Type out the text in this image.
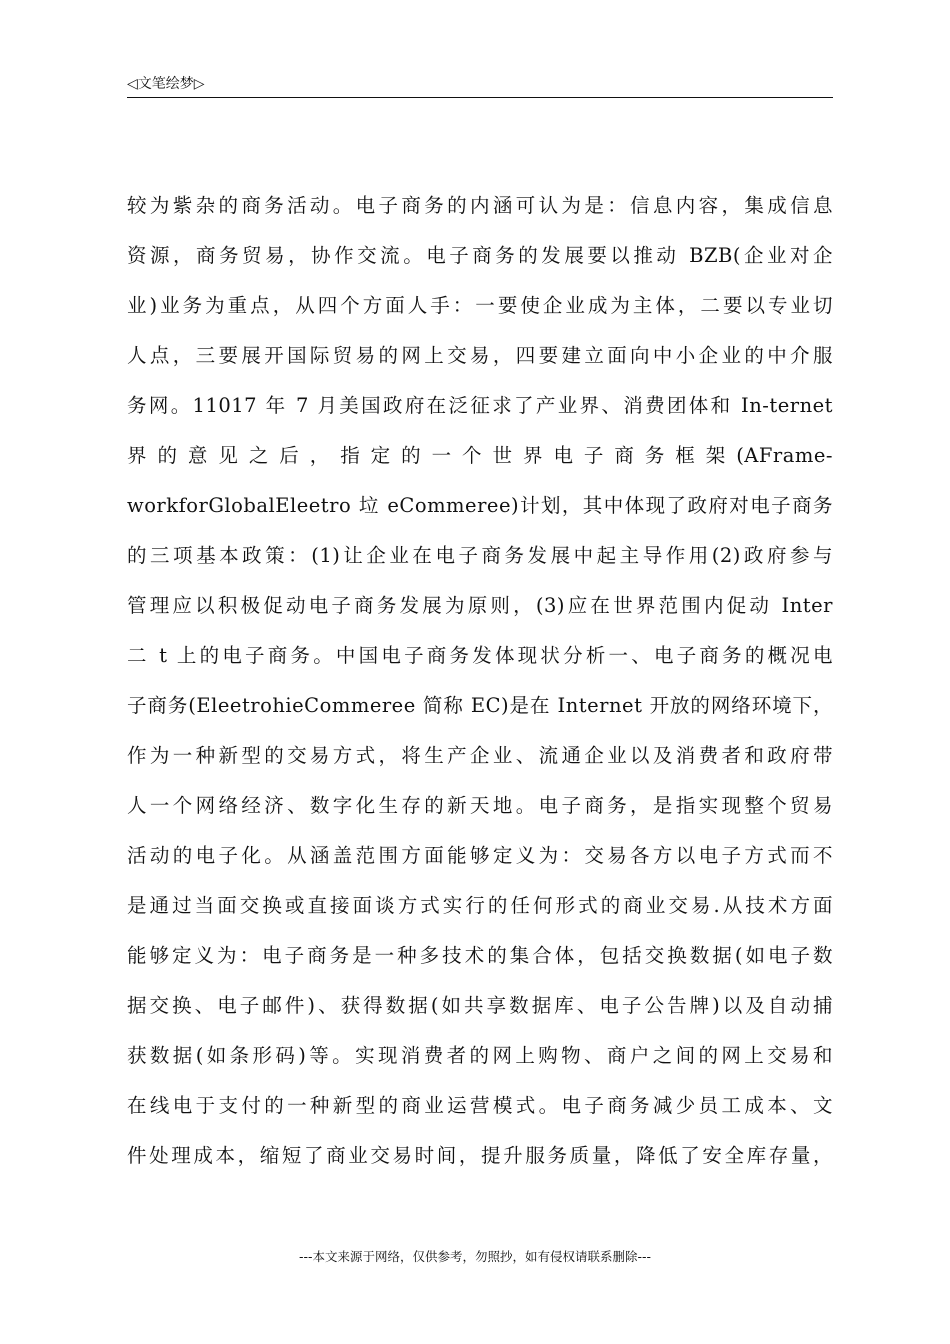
◁文笔绘梦▷
较为紫杂的商务活动。电子商务的内涵可认为是：信息内容，集成信息
资源，商务贸易，协作交流。电子商务的发展要以推动 BZB(企业对企
业)业务为重点，从四个方面人手：一要使企业成为主体，二要以专业切
人点，三要展开国际贸易的网上交易，四要建立面向中小企业的中介服
务网。11017 年 7 月美国政府在泛征求了产业界、消费团体和 In-ternet
界 的 意 见 之 后 ， 指 定 的 一 个 世 界 电 子 商 务 框 架 (AFrame-
workforGlobalEleetro 垃 eCommeree)计划，其中体现了政府对电子商务
的三项基本政策：(1)让企业在电子商务发展中起主导作用(2)政府参与
管理应以积极促动电子商务发展为原则，(3)应在世界范围内促动 Inter
二 t 上的电子商务。中国电子商务发体现状分析一、电子商务的概况电
子商务(EleetrohieCommeree 简称 EC)是在 Internet 开放的网络环境下，
作为一种新型的交易方式，将生产企业、流通企业以及消费者和政府带
人一个网络经济、数字化生存的新天地。电子商务，是指实现整个贸易
活动的电子化。从涵盖范围方面能够定义为：交易各方以电子方式而不
是通过当面交换或直接面谈方式实行的任何形式的商业交易.从技术方面
能够定义为：电子商务是一种多技术的集合体，包括交换数据(如电子数
据交换、电子邮件)、获得数据(如共享数据库、电子公告牌)以及自动捕
获数据(如条形码)等。实现消费者的网上购物、商户之间的网上交易和
在线电于支付的一种新型的商业运营模式。电子商务减少员工成本、文
件处理成本，缩短了商业交易时间，提升服务质量，降低了安全库存量，
---本文来源于网络，仅供参考，勿照抄，如有侵权请联系删除---
